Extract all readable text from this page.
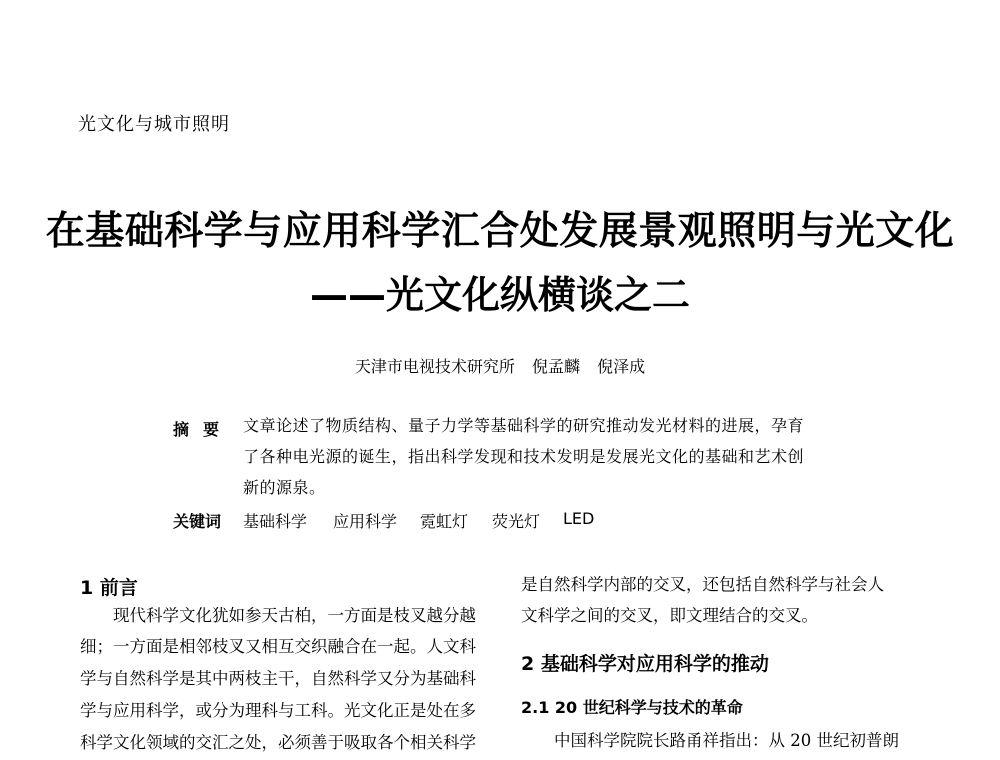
光文化与城市照明
在基础科学与应用科学汇合处发展景观照明与光文化
——光文化纵横谈之二
天津市电视技术研究所 倪孟麟 倪泽成
摘要 文章论述了物质结构、量子力学等基础科学的研究推动发光材料的进展，孕育
了各种电光源的诞生，指出科学发现和技术发明是发展光文化的基础和艺术创
新的源泉。
关键词 基础科学 应用科学 霓虹灯 荧光灯 LED
1 前言
现代科学文化犹如参天古柏，一方面是枝叉越分越
细；一方面是相邻枝叉又相互交织融合在一起。人文科
学与自然科学是其中两枝主干，自然科学又分为基础科
学与应用科学，或分为理科与工科。光文化正是处在多
科学文化领域的交汇之处，必须善于吸取各个相关科学
是自然科学内部的交叉，还包括自然科学与社会人
文科学之间的交叉，即文理结合的交叉。
2 基础科学对应用科学的推动
2.1 20 世纪科学与技术的革命
中国科学院院长路甬祥指出：从 20 世纪初普朗
